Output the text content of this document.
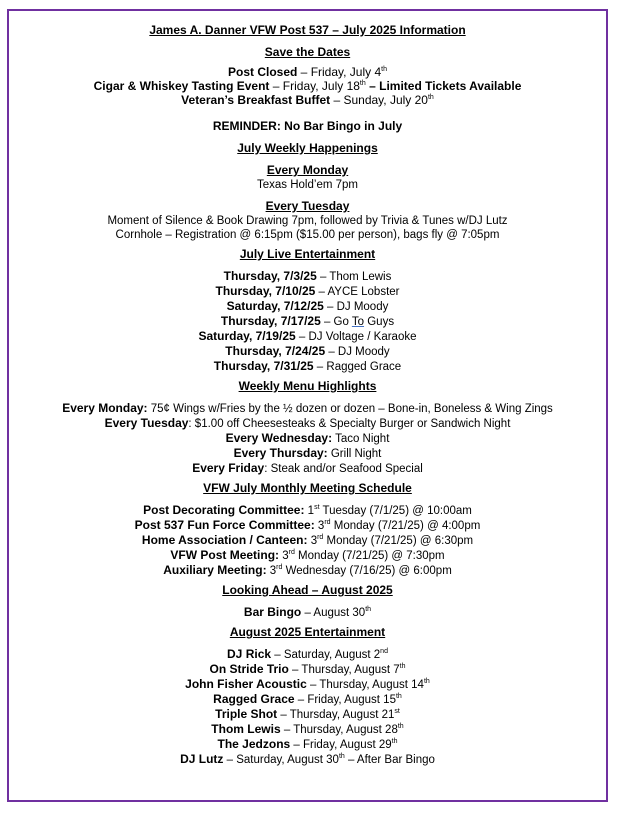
James A. Danner VFW Post 537 – July 2025 Information
Save the Dates
Post Closed – Friday, July 4th
Cigar & Whiskey Tasting Event – Friday, July 18th – Limited Tickets Available
Veteran’s Breakfast Buffet – Sunday, July 20th
REMINDER: No Bar Bingo in July
July Weekly Happenings
Every Monday
Texas Hold’em 7pm
Every Tuesday
Moment of Silence & Book Drawing 7pm, followed by Trivia & Tunes w/DJ Lutz
Cornhole – Registration @ 6:15pm ($15.00 per person), bags fly @ 7:05pm
July Live Entertainment
Thursday, 7/3/25 – Thom Lewis
Thursday, 7/10/25 – AYCE Lobster
Saturday, 7/12/25 – DJ Moody
Thursday, 7/17/25 – Go To Guys
Saturday, 7/19/25 – DJ Voltage / Karaoke
Thursday, 7/24/25 – DJ Moody
Thursday, 7/31/25 – Ragged Grace
Weekly Menu Highlights
Every Monday: 75¢ Wings w/Fries by the ½ dozen or dozen – Bone-in, Boneless & Wing Zings
Every Tuesday: $1.00 off Cheesesteaks & Specialty Burger or Sandwich Night
Every Wednesday: Taco Night
Every Thursday: Grill Night
Every Friday: Steak and/or Seafood Special
VFW July Monthly Meeting Schedule
Post Decorating Committee: 1st Tuesday (7/1/25) @ 10:00am
Post 537 Fun Force Committee: 3rd Monday (7/21/25) @ 4:00pm
Home Association / Canteen: 3rd Monday (7/21/25) @ 6:30pm
VFW Post Meeting: 3rd Monday (7/21/25) @ 7:30pm
Auxiliary Meeting: 3rd Wednesday (7/16/25) @ 6:00pm
Looking Ahead – August 2025
Bar Bingo – August 30th
August 2025 Entertainment
DJ Rick – Saturday, August 2nd
On Stride Trio – Thursday, August 7th
John Fisher Acoustic – Thursday, August 14th
Ragged Grace – Friday, August 15th
Triple Shot – Thursday, August 21st
Thom Lewis – Thursday, August 28th
The Jedzons – Friday, August 29th
DJ Lutz – Saturday, August 30th – After Bar Bingo
